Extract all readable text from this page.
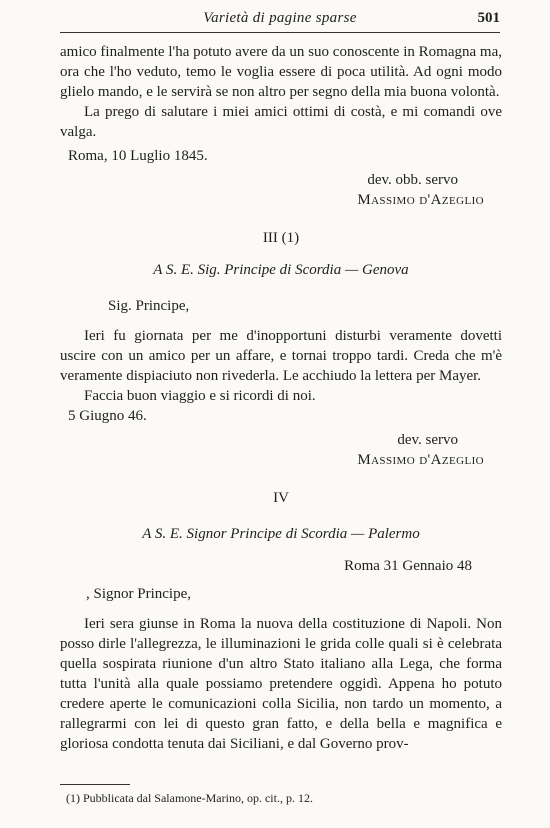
Varietà di pagine sparse	501

amico finalmente l'ha potuto avere da un suo conoscente in Romagna ma, ora che l'ho veduto, temo le voglia essere di poca utilità. Ad ogni modo glielo mando, e le servirà se non altro per segno della mia buona volontà.

La prego di salutare i miei amici ottimi di costà, e mi comandi ove valga.

Roma, 10 Luglio 1845.

dev. obb. servo

Massimo d'Azeglio

III (1)

A S. E. Sig. Principe di Scordia — Genova

Sig. Principe,

Ieri fu giornata per me d'inopportuni disturbi veramente dovetti uscire con un amico per un affare, e tornai troppo tardi. Creda che m'è veramente dispiaciuto non rivederla. Le acchiudo la lettera per Mayer.

Faccia buon viaggio e si ricordi di noi.

5 Giugno 46.

dev. servo

Massimo d'Azeglio

IV

A S. E. Signor Principe di Scordia — Palermo

Roma 31 Gennaio 48

, Signor Principe,

Ieri sera giunse in Roma la nuova della costituzione di Napoli. Non posso dirle l'allegrezza, le illuminazioni le grida colle quali si è celebrata quella sospirata riunione d'un altro Stato italiano alla Lega, che forma tutta l'unità alla quale possiamo pretendere oggidì. Appena ho potuto credere aperte le comunicazioni colla Sicilia, non tardo un momento, a rallegrarmi con lei di questo gran fatto, e della bella e magnifica e gloriosa condotta tenuta dai Siciliani, e dal Governo prov-

(1) Pubblicata dal Salamone-Marino, op. cit., p. 12.
